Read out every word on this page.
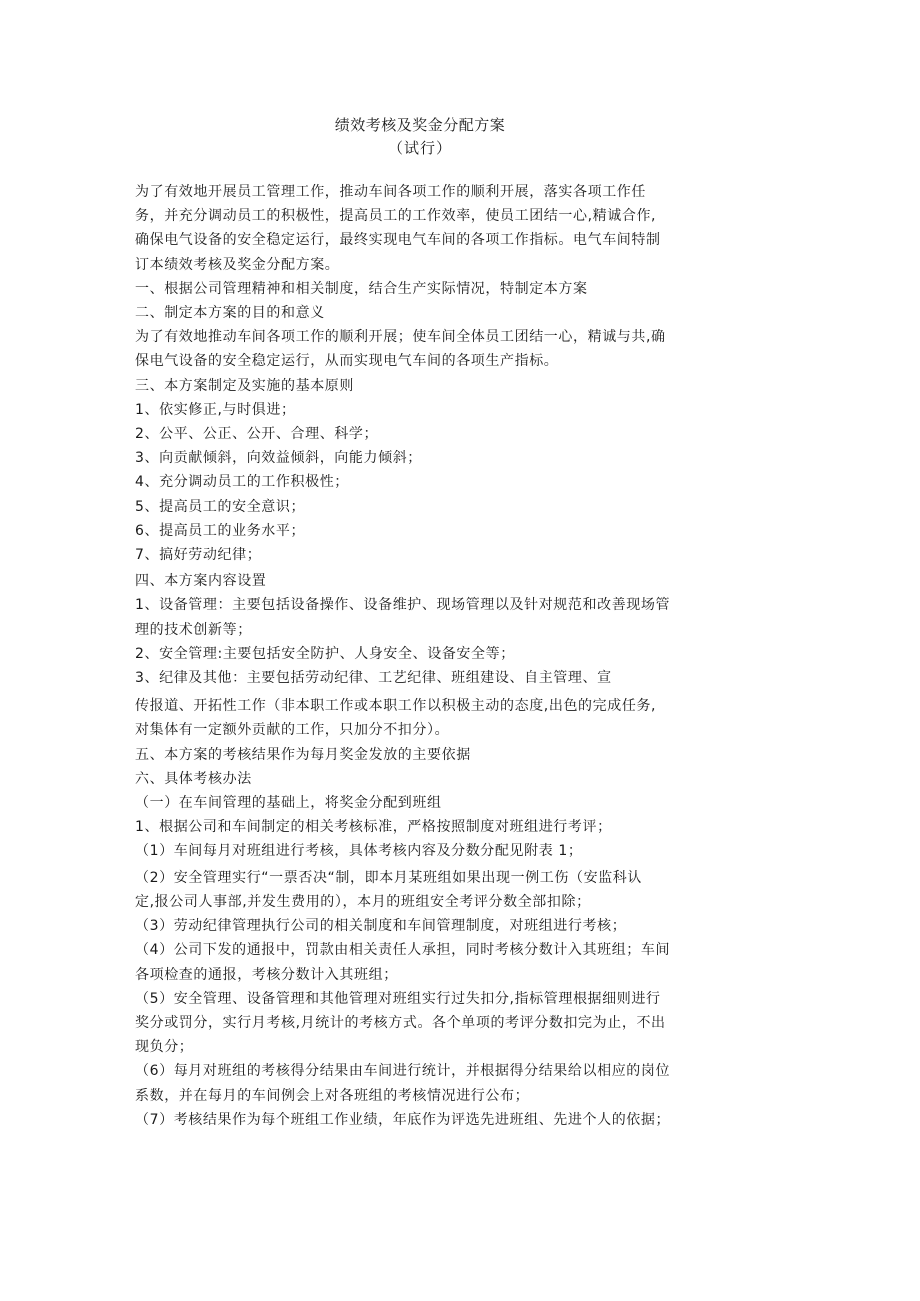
绩效考核及奖金分配方案
（试行）
为了有效地开展员工管理工作，推动车间各项工作的顺利开展，落实各项工作任
务，并充分调动员工的积极性，提高员工的工作效率，使员工团结一心,精诚合作,
确保电气设备的安全稳定运行，最终实现电气车间的各项工作指标。电气车间特制
订本绩效考核及奖金分配方案。
一、根据公司管理精神和相关制度，结合生产实际情况，特制定本方案
二、制定本方案的目的和意义
为了有效地推动车间各项工作的顺利开展；使车间全体员工团结一心，精诚与共,确
保电气设备的安全稳定运行，从而实现电气车间的各项生产指标。
三、本方案制定及实施的基本原则
1、依实修正,与时俱进；
2、公平、公正、公开、合理、科学；
3、向贡献倾斜，向效益倾斜，向能力倾斜；
4、充分调动员工的工作积极性；
5、提高员工的安全意识；
6、提高员工的业务水平；
7、搞好劳动纪律；
四、本方案内容设置
1、设备管理：主要包括设备操作、设备维护、现场管理以及针对规范和改善现场管
理的技术创新等；
2、安全管理:主要包括安全防护、人身安全、设备安全等；
3、纪律及其他：主要包括劳动纪律、工艺纪律、班组建设、自主管理、宣
传报道、开拓性工作（非本职工作或本职工作以积极主动的态度,出色的完成任务,
对集体有一定额外贡献的工作，只加分不扣分）。
五、本方案的考核结果作为每月奖金发放的主要依据
六、具体考核办法
（一）在车间管理的基础上，将奖金分配到班组
1、根据公司和车间制定的相关考核标准，严格按照制度对班组进行考评；
（1）车间每月对班组进行考核，具体考核内容及分数分配见附表 1；
（2）安全管理实行“一票否决“制，即本月某班组如果出现一例工伤（安监科认
定,报公司人事部,并发生费用的），本月的班组安全考评分数全部扣除；
（3）劳动纪律管理执行公司的相关制度和车间管理制度，对班组进行考核；
（4）公司下发的通报中，罚款由相关责任人承担，同时考核分数计入其班组；车间
各项检查的通报，考核分数计入其班组；
（5）安全管理、设备管理和其他管理对班组实行过失扣分,指标管理根据细则进行
奖分或罚分，实行月考核,月统计的考核方式。各个单项的考评分数扣完为止，不出
现负分；
（6）每月对班组的考核得分结果由车间进行统计，并根据得分结果给以相应的岗位
系数，并在每月的车间例会上对各班组的考核情况进行公布；
（7）考核结果作为每个班组工作业绩，年底作为评选先进班组、先进个人的依据；
